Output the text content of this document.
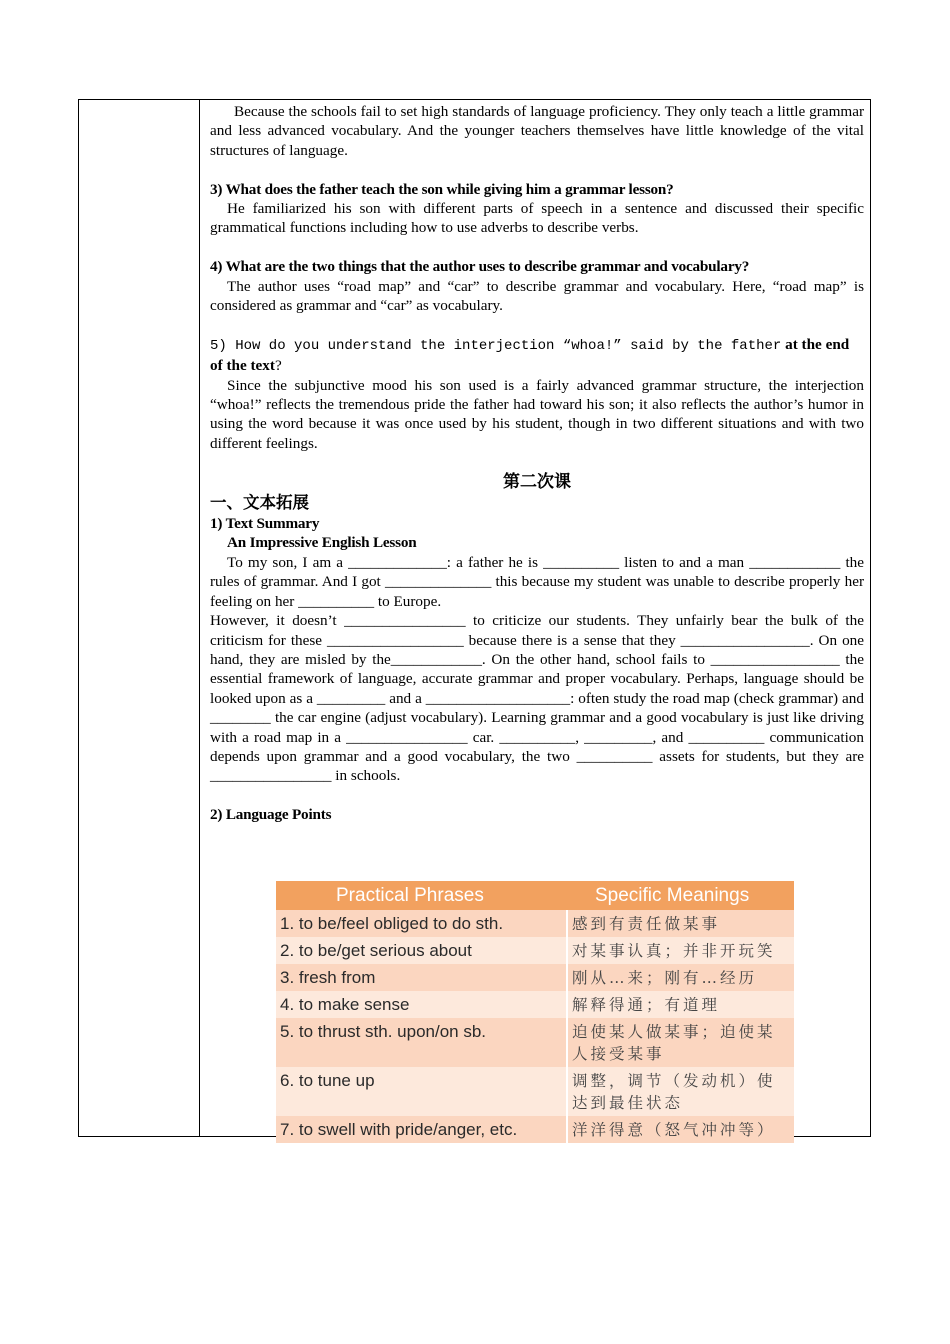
Because the schools fail to set high standards of language proficiency. They only teach a little grammar and less advanced vocabulary. And the younger teachers themselves have little knowledge of the vital structures of language.

3) What does the father teach the son while giving him a grammar lesson?

He familiarized his son with different parts of speech in a sentence and discussed their specific grammatical functions including how to use adverbs to describe verbs.

4) What are the two things that the author uses to describe grammar and vocabulary?

The author uses “road map” and “car” to describe grammar and vocabulary. Here, “road map” is considered as grammar and “car” as vocabulary.

5) How do you understand the interjection “whoa!” said by the father at the end of the text?

Since the subjunctive mood his son used is a fairly advanced grammar structure, the interjection “whoa!” reflects the tremendous pride the father had toward his son; it also reflects the author’s humor in using the word because it was once used by his student, though in two different situations and with two different feelings.

第二次课

一、文本拓展

1) Text Summary

An Impressive English Lesson

To my son, I am a _____________: a father he is __________ listen to and a man ____________ the rules of grammar. And I got ______________ this because my student was unable to describe properly her feeling on her __________ to Europe.

However, it doesn’t ________________ to criticize our students. They unfairly bear the bulk of the criticism for these __________________ because there is a sense that they _________________. On one hand, they are misled by the____________. On the other hand, school fails to _________________ the essential framework of language, accurate grammar and proper vocabulary. Perhaps, language should be looked upon as a _________ and a ___________________: often study the road map (check grammar) and ________ the car engine (adjust vocabulary). Learning grammar and a good vocabulary is just like driving with a road map in a ________________ car. __________, _________, and __________ communication depends upon grammar and a good vocabulary, the two __________ assets for students, but they are ________________ in schools.

2) Language Points

Practical Phrases	Specific Meanings
1. to be/feel obliged to do sth.	感到有责任做某事
2. to be/get serious about	对某事认真；并非开玩笑
3. fresh from	刚从…来；刚有…经历
4. to make sense	解释得通；有道理
5. to thrust sth. upon/on sb.	迫使某人做某事；迫使某人接受某事
6. to tune up	调整，调节（发动机）使达到最佳状态
7. to swell with pride/anger, etc.	洋洋得意（怒气冲冲等）
